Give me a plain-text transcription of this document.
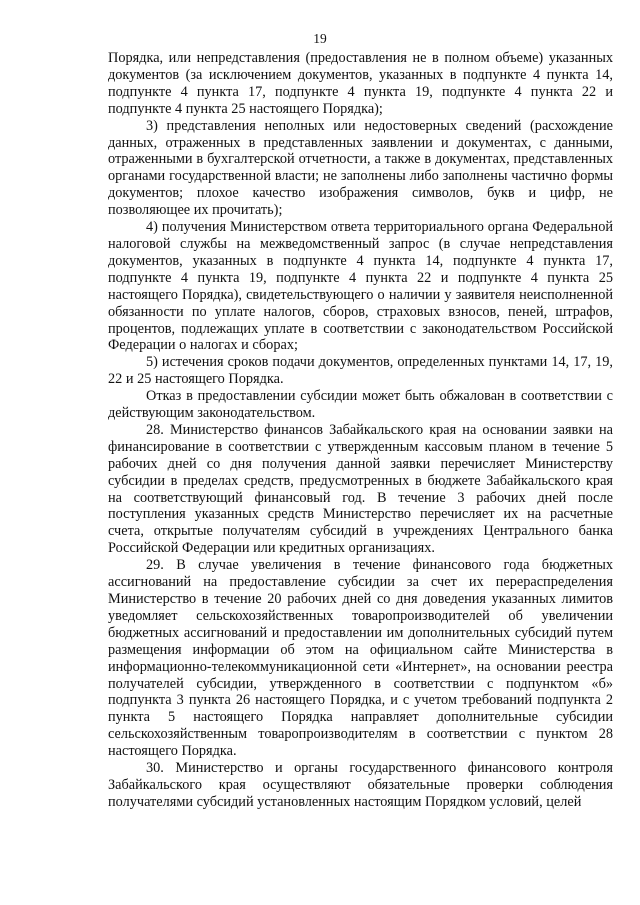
19

Порядка, или непредставления (предоставления не в полном объеме) указанных документов (за исключением документов, указанных в подпункте 4 пункта 14, подпункте 4 пункта 17, подпункте 4 пункта 19, подпункте 4 пункта 22 и подпункте 4 пункта 25 настоящего Порядка);

3) представления неполных или недостоверных сведений (расхождение данных, отраженных в представленных заявлении и документах, с данными, отраженными в бухгалтерской отчетности, а также в документах, представленных органами государственной власти; не заполнены либо заполнены частично формы документов; плохое качество изображения символов, букв и цифр, не позволяющее их прочитать);

4) получения Министерством ответа территориального органа Федеральной налоговой службы на межведомственный запрос (в случае непредставления документов, указанных в подпункте 4 пункта 14, подпункте 4 пункта 17, подпункте 4 пункта 19, подпункте 4 пункта 22 и подпункте 4 пункта 25 настоящего Порядка), свидетельствующего о наличии у заявителя неисполненной обязанности по уплате налогов, сборов, страховых взносов, пеней, штрафов, процентов, подлежащих уплате в соответствии с законодательством Российской Федерации о налогах и сборах;

5) истечения сроков подачи документов, определенных пунктами 14, 17, 19, 22 и 25 настоящего Порядка.

Отказ в предоставлении субсидии может быть обжалован в соответствии с действующим законодательством.

28. Министерство финансов Забайкальского края на основании заявки на финансирование в соответствии с утвержденным кассовым планом в течение 5 рабочих дней со дня получения данной заявки перечисляет Министерству субсидии в пределах средств, предусмотренных в бюджете Забайкальского края на соответствующий финансовый год. В течение 3 рабочих дней после поступления указанных средств Министерство перечисляет их на расчетные счета, открытые получателям субсидий в учреждениях Центрального банка Российской Федерации или кредитных организациях.

29. В случае увеличения в течение финансового года бюджетных ассигнований на предоставление субсидии за счет их перераспределения Министерство в течение 20 рабочих дней со дня доведения указанных лимитов уведомляет сельскохозяйственных товаропроизводителей об увеличении бюджетных ассигнований и предоставлении им дополнительных субсидий путем размещения информации об этом на официальном сайте Министерства в информационно-телекоммуникационной сети «Интернет», на основании реестра получателей субсидии, утвержденного в соответствии с подпунктом «б» подпункта 3 пункта 26 настоящего Порядка, и с учетом требований подпункта 2 пункта 5 настоящего Порядка направляет дополнительные субсидии сельскохозяйственным товаропроизводителям в соответствии с пунктом 28 настоящего Порядка.

30. Министерство и органы государственного финансового контроля Забайкальского края осуществляют обязательные проверки соблюдения получателями субсидий установленных настоящим Порядком условий, целей
